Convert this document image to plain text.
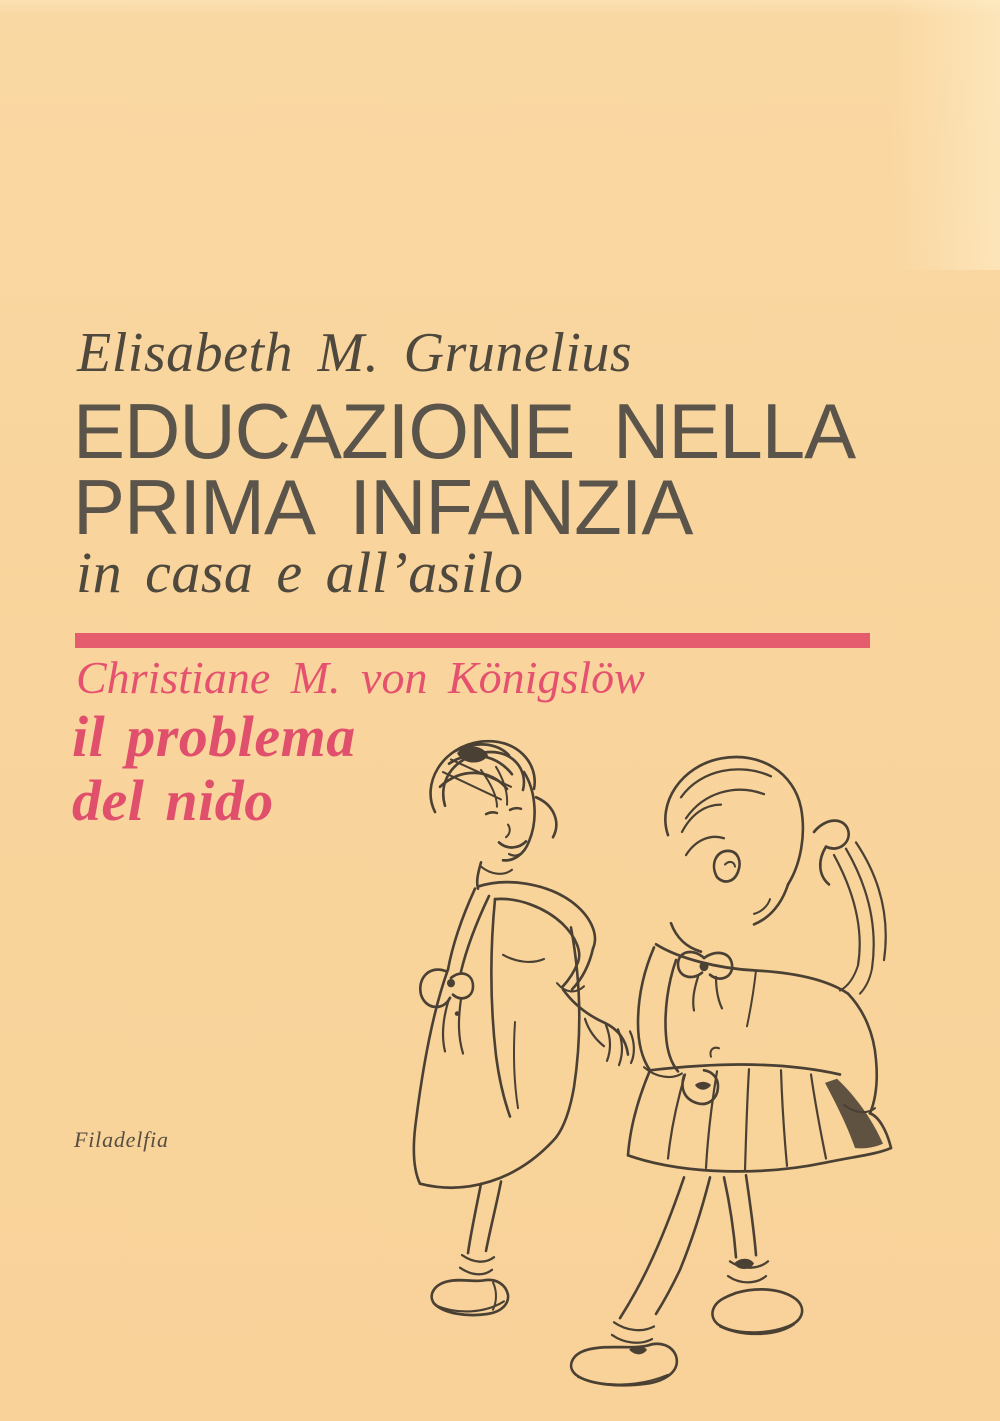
Elisabeth M. Grunelius
EDUCAZIONE NELLA
PRIMA INFANZIA
in casa e all’asilo
Christiane M. von Königslöw
il problema
del nido
Filadelfia
